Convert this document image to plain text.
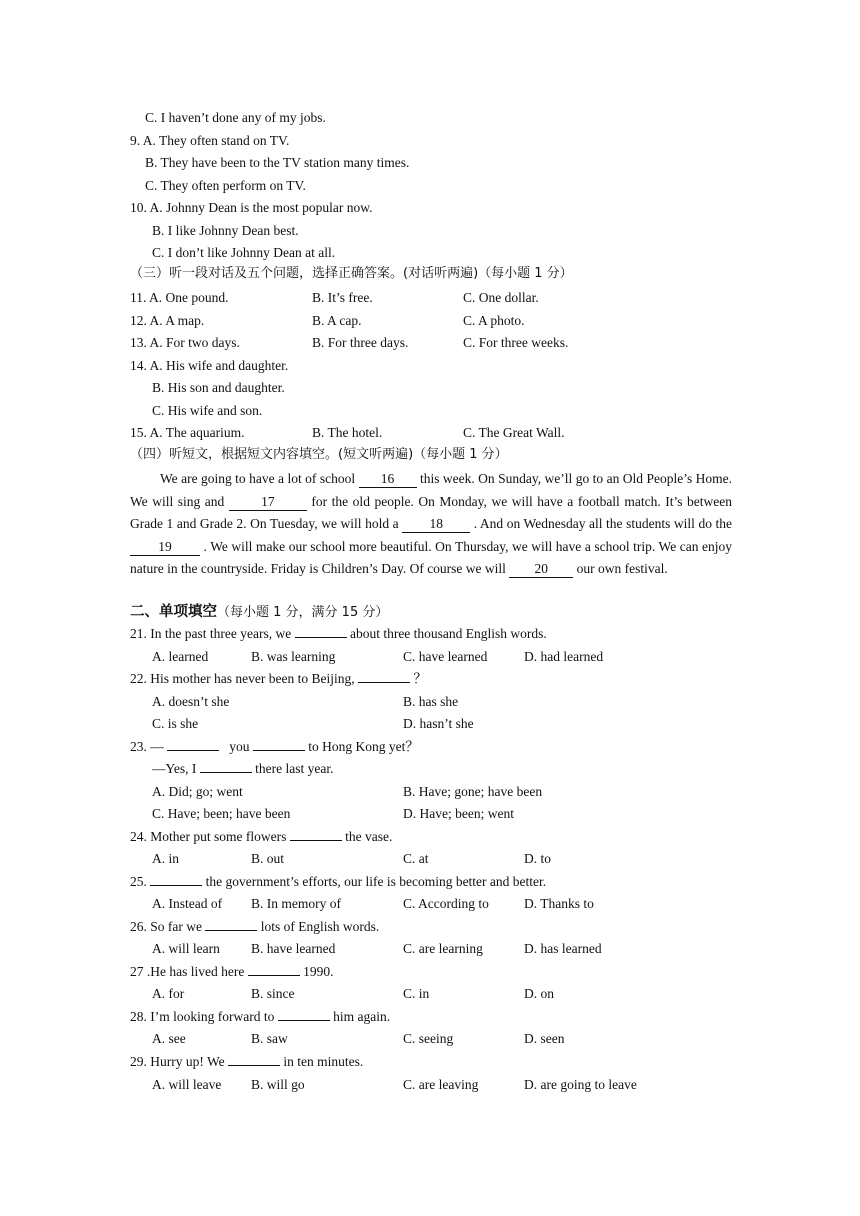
C. I haven’t done any of my jobs.
9. A. They often stand on TV.
B. They have been to the TV station many times.
C. They often perform on TV.
10. A. Johnny Dean is the most popular now.
B. I like Johnny Dean best.
C. I don’t like Johnny Dean at all.
（三）听一段对话及五个问题，选择正确答案。(对话听两遍)（每小题 1 分）
11. A. One pound.	B. It’s free.	C. One dollar.
12. A. A map.	B. A cap.	C. A photo.
13. A. For two days.	B. For three days.	C. For three weeks.
14. A. His wife and daughter.
B. His son and daughter.
C. His wife and son.
15. A. The aquarium.	B. The hotel.	C. The Great Wall.
（四）听短文，根据短文内容填空。(短文听两遍)（每小题 1 分）
We are going to have a lot of school 16 this week. On Sunday, we’ll go to an Old People’s Home. We will sing and	17	for the old people. On Monday, we will have a football match. It’s between Grade 1 and Grade 2. On Tuesday, we will hold a 18 . And on Wednesday all the students will do the 19 . We will make our school more beautiful. On Thursday, we will have a school trip. We can enjoy nature in the countryside. Friday is Children’s Day. Of course we will 20 our own festival.
二、单项填空（每小题 1 分，满分 15 分）
21. In the past three years, we	about three thousand English words.
A. learned	B. was learning	C. have learned	D. had learned
22. His mother has never been to Beijing,	？
A. doesn’t she	B. has she
C. is she	D. hasn’t she
23. —	you	to Hong Kong yet？
—Yes, I	there last year.
A. Did; go; went	B. Have; gone; have been
C. Have; been; have been	D. Have; been; went
24. Mother put some flowers	the vase.
A. in	B. out	C. at	D. to
25.	the government’s efforts, our life is becoming better and better.
A. Instead of B. In memory of	C. According to	D. Thanks to
26. So far we	lots of English words.
A. will learn B. have learned	C. are learning	D. has learned
27 .He has lived here	1990.
A. for	B. since	C. in	D. on
28. I’m looking forward to	him again.
A. see	B. saw	C. seeing	D. seen
29. Hurry up! We	in ten minutes.
A. will leave B. will go	C. are leaving	D. are going to leave
